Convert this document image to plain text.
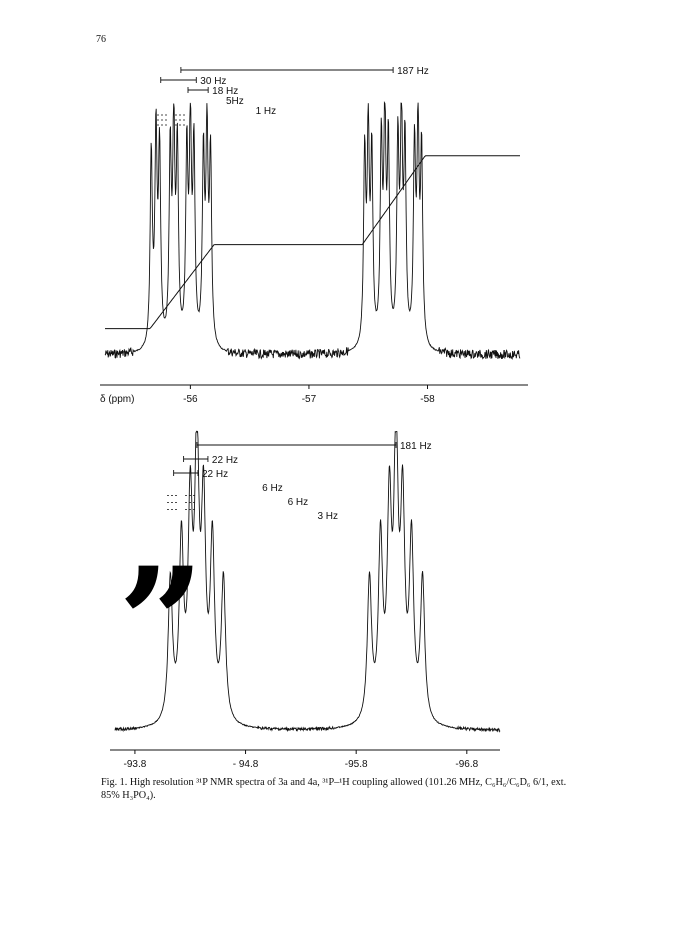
76
-56	-57	-58
δ (ppm)
187 Hz
30 Hz
18 Hz
5Hz
1 Hz
-93.8	- 94.8	-95.8	-96.8
181 Hz
22 Hz
22 Hz
6 Hz
6 Hz
3 Hz
”
Fig. 1. High resolution ³¹P NMR spectra of 3a and 4a, ³¹P–¹H coupling allowed (101.26 MHz, C₆H₆/C₆D₆ 6/1, ext. 85% H₃PO₄).
